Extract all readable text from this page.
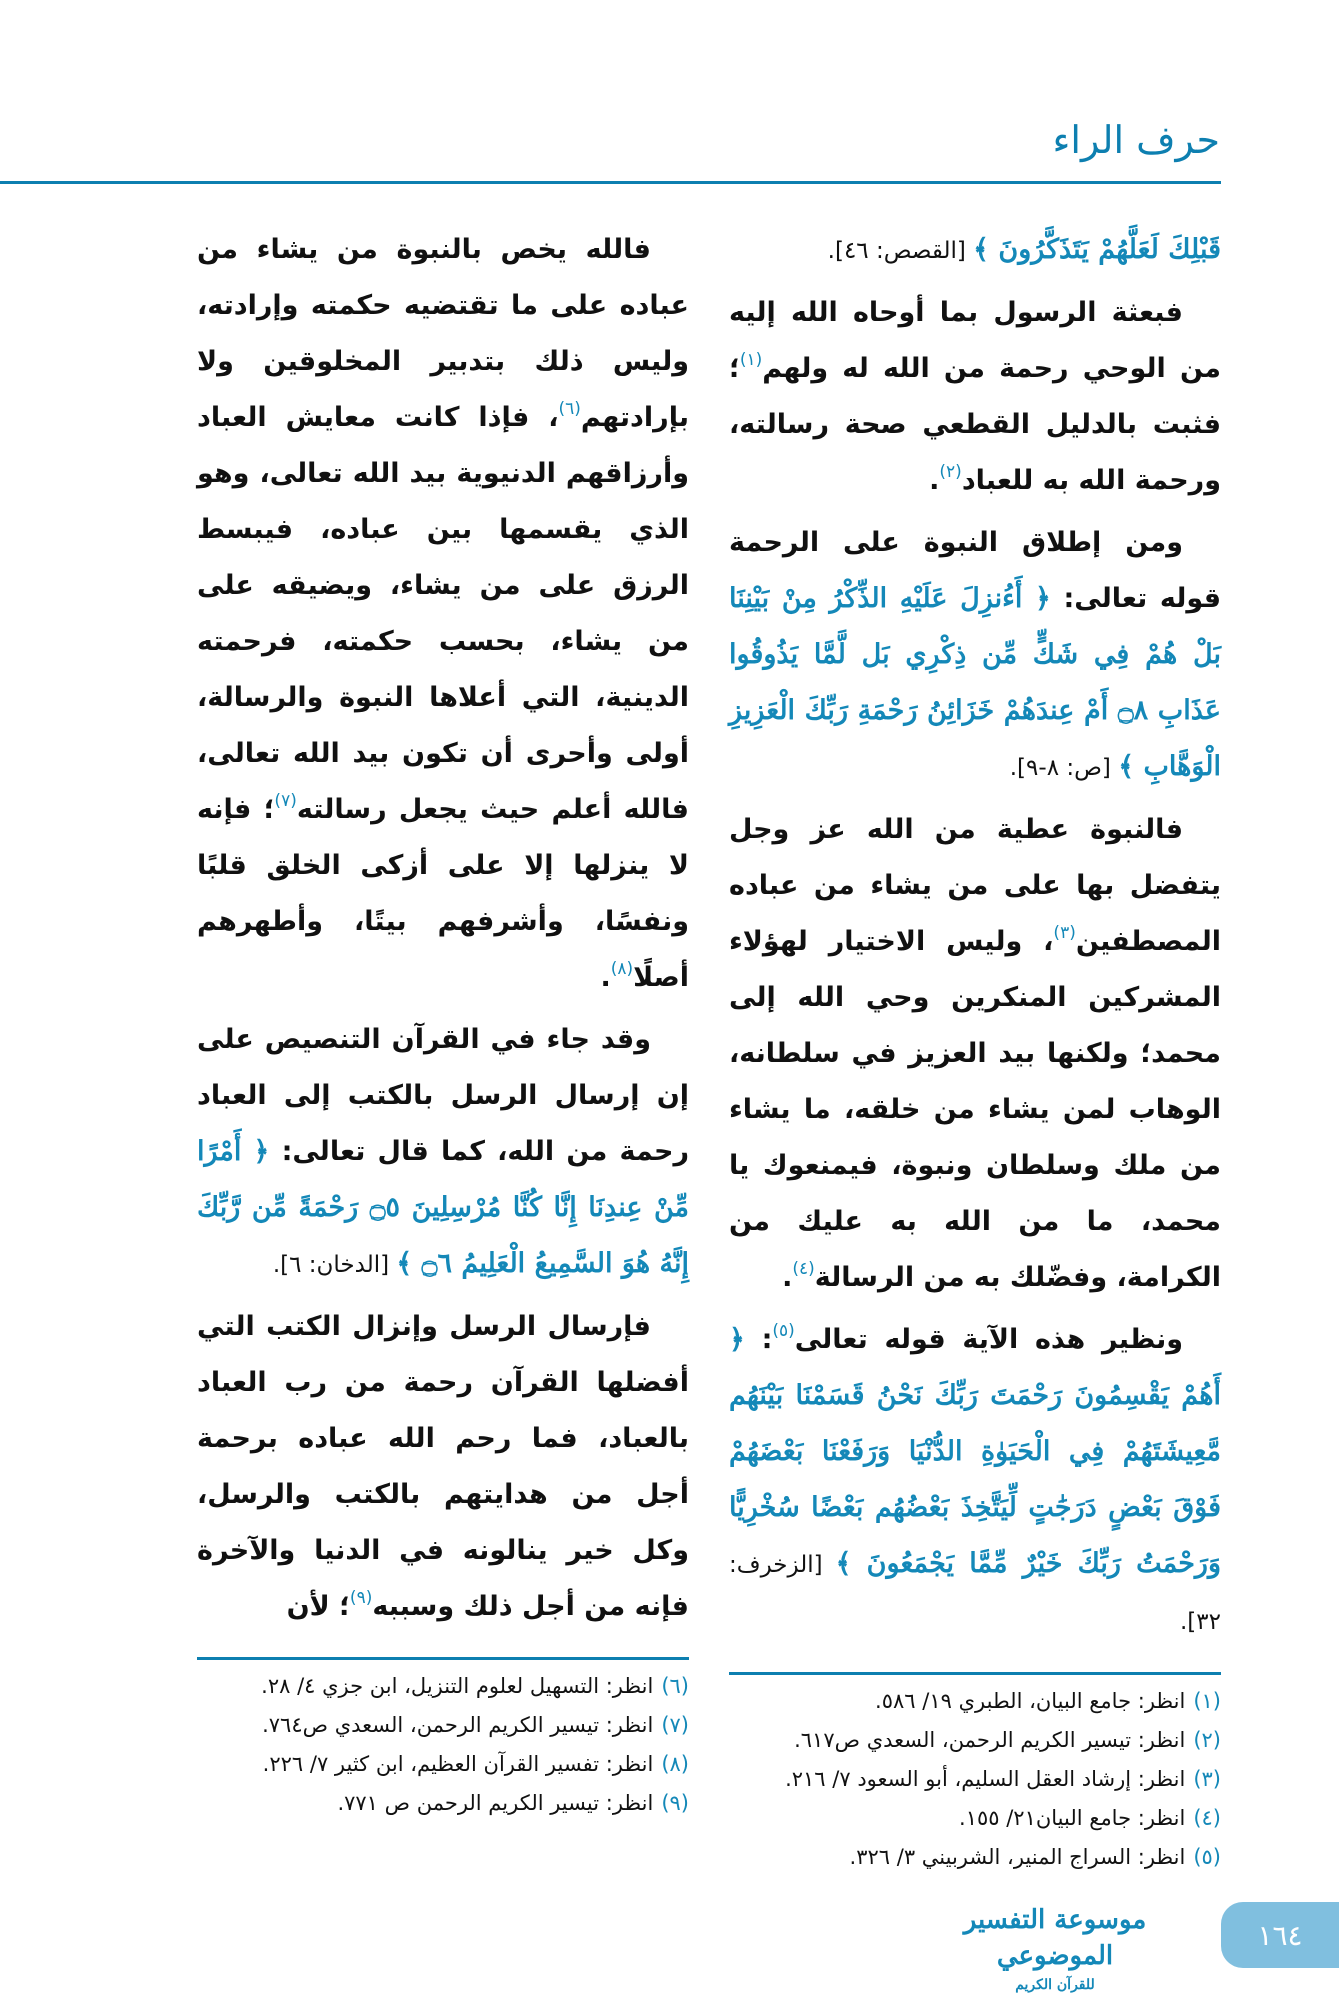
حرف الراء

قَبْلِكَ لَعَلَّهُمْ يَتَذَكَّرُونَ ﴾ [القصص: ٤٦].

فبعثة الرسول بما أوحاه الله إليه من الوحي رحمة من الله له ولهم$^{(١)}$؛ فثبت بالدليل القطعي صحة رسالته، ورحمة الله به للعباد$^{(٢)}$.

ومن إطلاق النبوة على الرحمة قوله تعالى: ﴿ أَءُنزِلَ عَلَيْهِ الذِّكْرُ مِنْ بَيْنِنَا بَلْ هُمْ فِي شَكٍّ مِّن ذِكْرِي بَل لَّمَّا يَذُوقُوا عَذَابِ ۝٨ أَمْ عِندَهُمْ خَزَائِنُ رَحْمَةِ رَبِّكَ الْعَزِيزِ الْوَهَّابِ ﴾ [ص: ٨-٩].

فالنبوة عطية من الله عز وجل يتفضل بها على من يشاء من عباده المصطفين$^{(٣)}$، وليس الاختيار لهؤلاء المشركين المنكرين وحي الله إلى محمد؛ ولكنها بيد العزيز في سلطانه، الوهاب لمن يشاء من خلقه، ما يشاء من ملك وسلطان ونبوة، فيمنعوك يا محمد، ما من الله به عليك من الكرامة، وفضّلك به من الرسالة$^{(٤)}$.

ونظير هذه الآية قوله تعالى$^{(٥)}$: ﴿ أَهُمْ يَقْسِمُونَ رَحْمَتَ رَبِّكَ نَحْنُ قَسَمْنَا بَيْنَهُم مَّعِيشَتَهُمْ فِي الْحَيَوٰةِ الدُّنْيَا وَرَفَعْنَا بَعْضَهُمْ فَوْقَ بَعْضٍ دَرَجَٰتٍ لِّيَتَّخِذَ بَعْضُهُم بَعْضًا سُخْرِيًّا وَرَحْمَتُ رَبِّكَ خَيْرٌ مِّمَّا يَجْمَعُونَ ﴾ [الزخرف: ٣٢].

(١)
انظر: جامع البيان، الطبري ١٩/ ٥٨٦.
(٢)
انظر: تيسير الكريم الرحمن، السعدي ص٦١٧.
(٣)
انظر: إرشاد العقل السليم، أبو السعود ٧/ ٢١٦.
(٤)
انظر: جامع البيان٢١/ ١٥٥.
(٥)
انظر: السراج المنير، الشربيني ٣/ ٣٢٦.

فالله يخص بالنبوة من يشاء من عباده على ما تقتضيه حكمته وإرادته، وليس ذلك بتدبير المخلوقين ولا بإرادتهم$^{(٦)}$، فإذا كانت معايش العباد وأرزاقهم الدنيوية بيد الله تعالى، وهو الذي يقسمها بين عباده، فيبسط الرزق على من يشاء، ويضيقه على من يشاء، بحسب حكمته، فرحمته الدينية، التي أعلاها النبوة والرسالة، أولى وأحرى أن تكون بيد الله تعالى، فالله أعلم حيث يجعل رسالته$^{(٧)}$؛ فإنه لا ينزلها إلا على أزكى الخلق قلبًا ونفسًا، وأشرفهم بيتًا، وأطهرهم أصلًا$^{(٨)}$.

وقد جاء في القرآن التنصيص على إن إرسال الرسل بالكتب إلى العباد رحمة من الله، كما قال تعالى: ﴿ أَمْرًا مِّنْ عِندِنَا إِنَّا كُنَّا مُرْسِلِينَ ۝٥ رَحْمَةً مِّن رَّبِّكَ إِنَّهُ هُوَ السَّمِيعُ الْعَلِيمُ ۝٦ ﴾ [الدخان: ٦].

فإرسال الرسل وإنزال الكتب التي أفضلها القرآن رحمة من رب العباد بالعباد، فما رحم الله عباده برحمة أجل من هدايتهم بالكتب والرسل، وكل خير ينالونه في الدنيا والآخرة فإنه من أجل ذلك وسببه$^{(٩)}$؛ لأن

(٦)
انظر: التسهيل لعلوم التنزيل، ابن جزي ٤/ ٢٨.
(٧)
انظر: تيسير الكريم الرحمن، السعدي ص٧٦٤.
(٨)
انظر: تفسير القرآن العظيم، ابن كثير ٧/ ٢٢٦.
(٩)
انظر: تيسير الكريم الرحمن ص ٧٧١.
موسوعة التفسير الموضوعي
للقرآن الكريم
١٦٤
